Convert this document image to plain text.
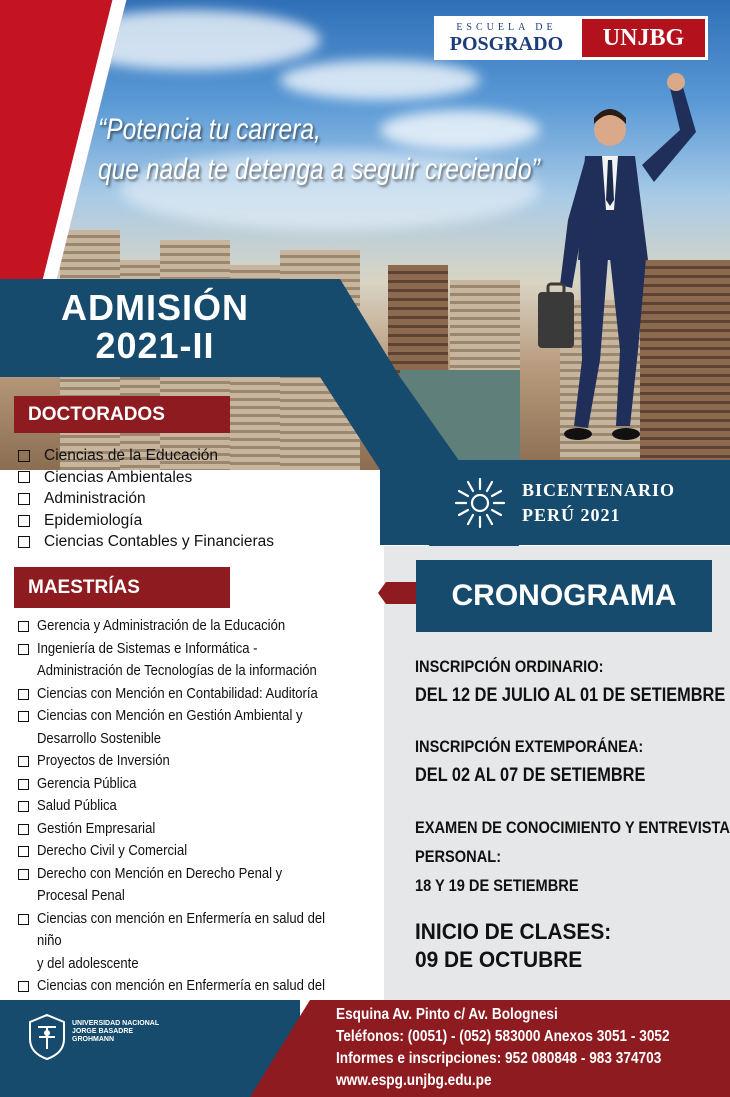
ESCUELA DE
POSGRADO	UNJBG
“Potencia tu carrera,
que nada te detenga a seguir creciendo”
ADMISIÓN
2021-II
BICENTENARIO
PERÚ 2021
DOCTORADOS
Ciencias de la Educación
Ciencias Ambientales
Administración
Epidemiología
Ciencias Contables y Financieras
MAESTRÍAS
Gerencia y Administración de la Educación
Ingeniería de Sistemas e Informática -
Administración de Tecnologías de la información
Ciencias con Mención en Contabilidad: Auditoría
Ciencias con Mención en Gestión Ambiental y
Desarrollo Sostenible
Proyectos de Inversión
Gerencia Pública
Salud Pública
Gestión Empresarial
Derecho Civil y Comercial
Derecho con Mención en Derecho Penal y
Procesal Penal
Ciencias con mención en Enfermería en salud del niño
y del adolescente
Ciencias con mención en Enfermería en salud del

CRONOGRAMA
INSCRIPCIÓN ORDINARIO:
DEL 12 DE JULIO AL 01 DE SETIEMBRE
INSCRIPCIÓN EXTEMPORÁNEA:
DEL 02 AL 07 DE SETIEMBRE
EXAMEN DE CONOCIMIENTO Y ENTREVISTA
PERSONAL:
18 Y 19 DE SETIEMBRE
INICIO DE CLASES:
09 DE OCTUBRE
UNIVERSIDAD NACIONAL
JORGE BASADRE
GROHMANN
Esquina Av. Pinto c/ Av. Bolognesi
Teléfonos: (0051) - (052) 583000 Anexos 3051 - 3052
Informes e inscripciones: 952 080848 - 983 374703
www.espg.unjbg.edu.pe
